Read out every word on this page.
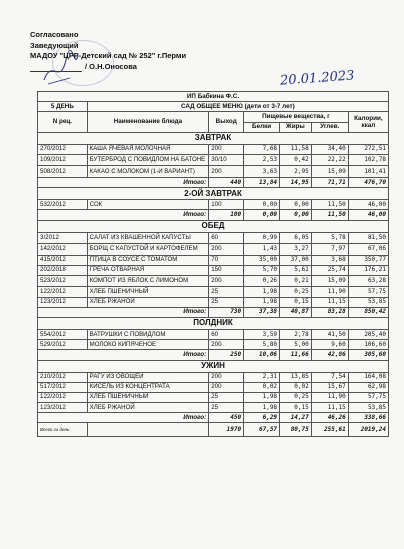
Согласовано
Заведующий
МАДОУ "ЦРР-Детский сад № 252" г.Перми
/ О.Н.Оносова
20.01.2023
ИП Бабкина Ф.С.						
5 ДЕНЬ	САД ОБЩЕЕ МЕНЮ (дети от 3-7 лет)					
N рец.	Наименование блюда	Выход	Пищевые вещества, г			Калории, ккал
			Белки	Жиры	Углев.	
ЗАВТРАК						
270/2012	КАША ЯЧЕВАЯ МОЛОЧНАЯ	200	7,68	11,58	34,40	272,51
109/2012	БУТЕРБРОД С ПОВИДЛОМ НА БАТОНЕ	30/10	2,53	0,42	22,22	102,78
508/2012	КАКАО С МОЛОКОМ (1-И ВАРИАНТ)	200	3,63	2,95	15,09	101,41
Итого:		440	13,84	14,95	71,71	476,70
2-ОЙ ЗАВТРАК						
532/2012	СОК	100	0,00	0,00	11,50	46,00
Итого:		100	0,00	0,00	11,50	46,00
ОБЕД						
3/2012	САЛАТ ИЗ КВАШЕННОЙ КАПУСТЫ	60	0,99	6,05	5,78	81,50
142/2012	БОРЩ С КАПУСТОЙ И КАРТОФЕЛЕМ	200	1,43	3,27	7,97	67,06
415/2012	ПТИЦА В СОУСЕ С ТОМАТОМ	70	35,00	37,00	3,68	350,77
202/2018	ГРЕЧА ОТВАРНАЯ	150	5,70	5,61	25,74	176,21
523/2012	КОМПОТ ИЗ ЯБЛОК С ЛИМОНОМ	200	0,26	0,21	15,09	63,28
122/2012	ХЛЕБ ПШЕНИЧНЫЙ	25	1,98	0,25	11,90	57,75
123/2012	ХЛЕБ РЖАНОЙ	25	1,98	0,15	11,15	53,85
Итого:		730	37,38	40,87	83,28	850,42
ПОЛДНИК						
554/2012	ВАТРУШКИ С ПОВИДЛОМ	60	3,59	2,78	41,50	205,40
529/2012	МОЛОКО КИПЯЧЕНОЕ	200	5,80	5,00	9,60	106,60
Итого:		250	10,06	11,66	42,86	305,60
УЖИН						
210/2012	РАГУ ИЗ ОВОЩЕЙ	200	2,31	13,85	7,54	164,08
517/2012	КИСЕЛЬ ИЗ КОНЦЕНТРАТА	200	0,02	0,02	15,67	62,98
122/2012	ХЛЕБ ПШЕНИЧНЫЙ	25	1,98	0,25	11,90	57,75
123/2012	ХЛЕБ РЖАНОЙ	25	1,98	0,15	11,15	53,85
Итого:		450	6,29	14,27	46,26	338,66
Всего за день:		1970	67,57	80,75	255,61	2019,24
